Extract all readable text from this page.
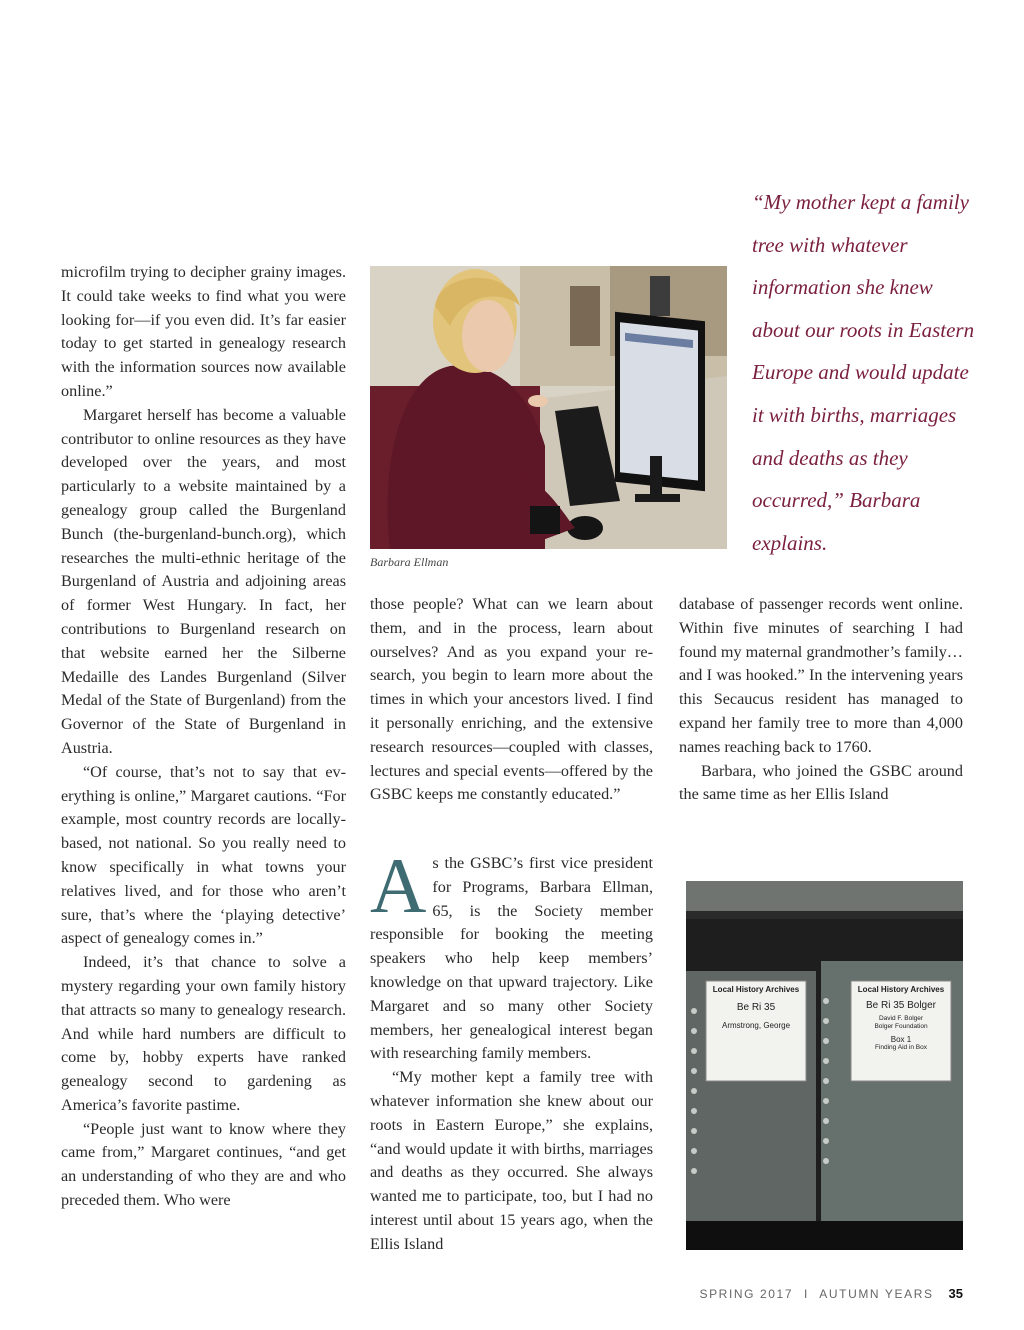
microfilm trying to decipher grainy images. It could take weeks to find what you were looking for—if you even did. It’s far easier today to get started in genealogy research with the information sources now available online.”

Margaret herself has become a valuable contributor to online resources as they have developed over the years, and most particularly to a website maintained by a genealogy group called the Burgenland Bunch (the-burgenland-bunch.org), which researches the multi-ethnic heritage of the Burgenland of Austria and adjoining areas of former West Hungary. In fact, her contributions to Burgenland research on that website earned her the Silberne Medaille des Landes Burgenland (Silver Medal of the State of Burgenland) from the Governor of the State of Burgenland in Austria.

“Of course, that’s not to say that everything is online,” Margaret cautions. “For example, most country records are locally-based, not national. So you really need to know specifically in what towns your relatives lived, and for those who aren’t sure, that’s where the ‘playing detective’ aspect of genealogy comes in.”

Indeed, it’s that chance to solve a mystery regarding your own family history that attracts so many to genealogy research. And while hard numbers are difficult to come by, hobby experts have ranked genealogy second to gardening as America’s favorite pastime.

“People just want to know where they came from,” Margaret continues, “and get an understanding of who they are and who preceded them. Who were

Barbara Ellman
“My mother kept a family tree with whatever information she knew about our roots in Eastern Europe and would update it with births, marriages and deaths as they occurred,” Barbara explains.

those people? What can we learn about them, and in the process, learn about ourselves? And as you expand your research, you begin to learn more about the times in which your ancestors lived. I find it personally enriching, and the extensive research resources—coupled with classes, lectures and special events—offered by the GSBC keeps me constantly educated.”

As the GSBC’s first vice president for Programs, Barbara Ellman, 65, is the Society member responsible for booking the meeting speakers who help keep members’ knowledge on that upward trajectory. Like Margaret and so many other Society members, her genealogical interest began with researching family members.

“My mother kept a family tree with whatever information she knew about our roots in Eastern Europe,” she explains, “and would update it with births, marriages and deaths as they occurred. She always wanted me to participate, too, but I had no interest until about 15 years ago, when the Ellis Island

database of passenger records went online. Within five minutes of searching I had found my maternal grandmother’s family…and I was hooked.” In the intervening years this Secaucus resident has managed to expand her family tree to more than 4,000 names reaching back to 1760.

Barbara, who joined the GSBC around the same time as her Ellis Island

Local History Archives
Be Ri 35
Armstrong, George
Local History Archives
Be Ri 35 Bolger
David F. Bolger
Bolger Foundation
Box 1
Finding Aid in Box
SPRING 2017 I AUTUMN YEARS 35
